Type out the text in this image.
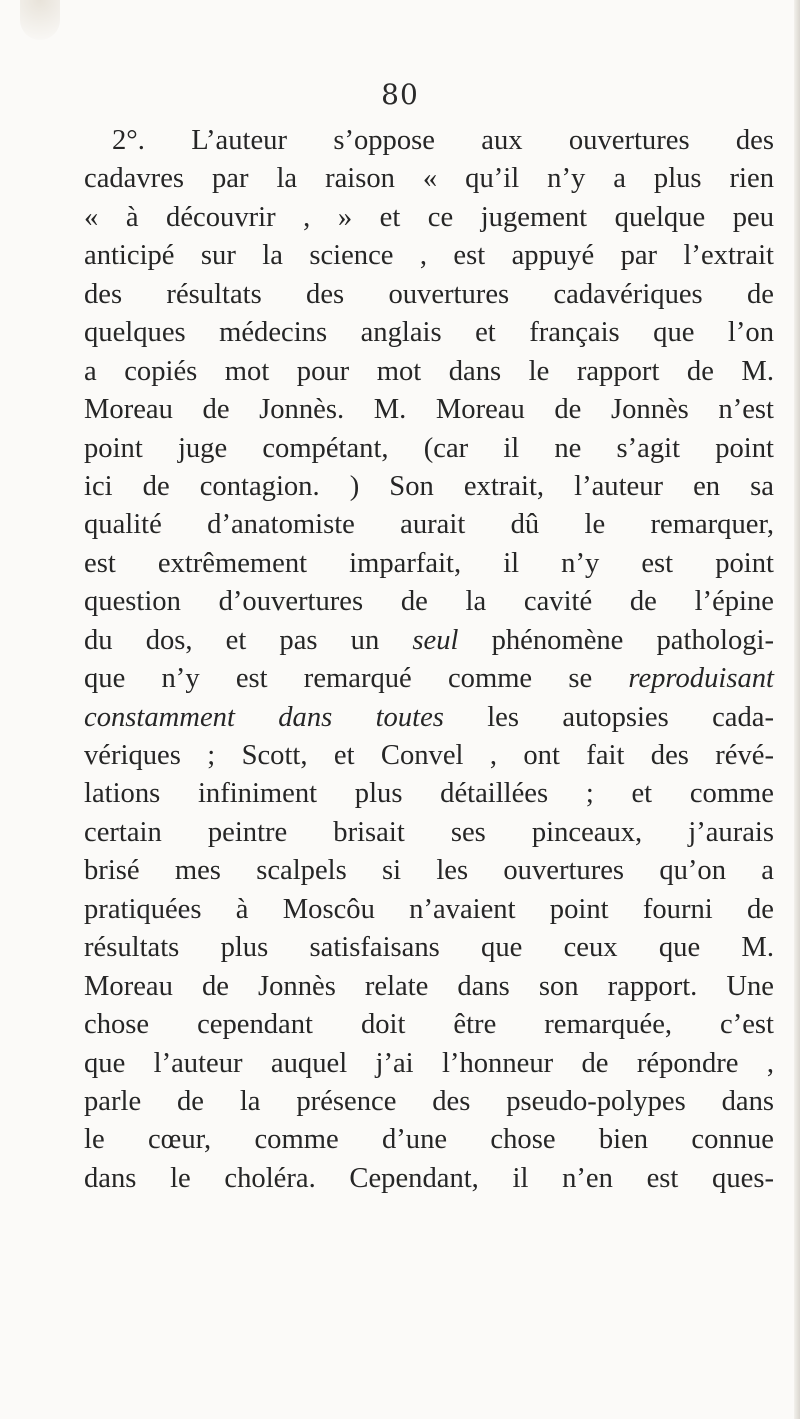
80
2°. L’auteur s’oppose aux ouvertures des
cadavres par la raison « qu’il n’y a plus rien
« à découvrir , » et ce jugement quelque peu
anticipé sur la science , est appuyé par l’extrait
des résultats des ouvertures cadavériques de
quelques médecins anglais et français que l’on
a copiés mot pour mot dans le rapport de M.
Moreau de Jonnès. M. Moreau de Jonnès n’est
point juge compétant, (car il ne s’agit point
ici de contagion. ) Son extrait, l’auteur en sa
qualité d’anatomiste aurait dû le remarquer,
est extrêmement imparfait, il n’y est point
question d’ouvertures de la cavité de l’épine
du dos, et pas un seul phénomène pathologi-
que n’y est remarqué comme se reproduisant
constamment dans toutes les autopsies cada-
vériques ; Scott, et Convel , ont fait des révé-
lations infiniment plus détaillées ; et comme
certain peintre brisait ses pinceaux, j’aurais
brisé mes scalpels si les ouvertures qu’on a
pratiquées à Moscôu n’avaient point fourni de
résultats plus satisfaisans que ceux que M.
Moreau de Jonnès relate dans son rapport. Une
chose cependant doit être remarquée, c’est
que l’auteur auquel j’ai l’honneur de répondre ,
parle de la présence des pseudo-polypes dans
le cœur, comme d’une chose bien connue
dans le choléra. Cependant, il n’en est ques-
